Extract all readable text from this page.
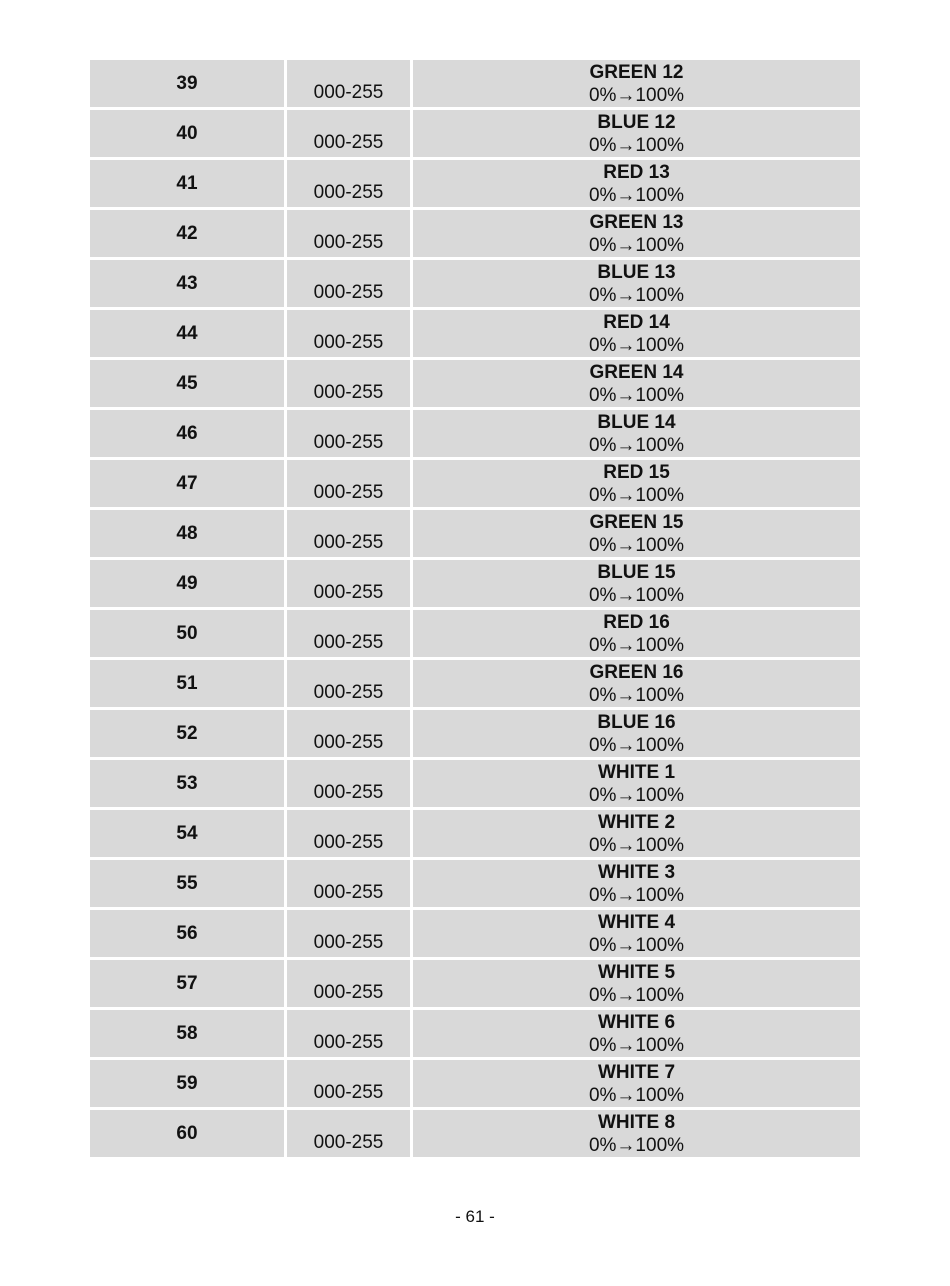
39	000-255
GREEN 12
0%→100%
40	000-255
BLUE 12
0%→100%
41	000-255
RED 13
0%→100%
42	000-255
GREEN 13
0%→100%
43	000-255
BLUE 13
0%→100%
44	000-255
RED 14
0%→100%
45	000-255
GREEN 14
0%→100%
46	000-255
BLUE 14
0%→100%
47	000-255
RED 15
0%→100%
48	000-255
GREEN 15
0%→100%
49	000-255
BLUE 15
0%→100%
50	000-255
RED 16
0%→100%
51	000-255
GREEN 16
0%→100%
52	000-255
BLUE 16
0%→100%
53	000-255
WHITE 1
0%→100%
54	000-255
WHITE 2
0%→100%
55	000-255
WHITE 3
0%→100%
56	000-255
WHITE 4
0%→100%
57	000-255
WHITE 5
0%→100%
58	000-255
WHITE 6
0%→100%
59	000-255
WHITE 7
0%→100%
60	000-255
WHITE 8
0%→100%
- 61 -
